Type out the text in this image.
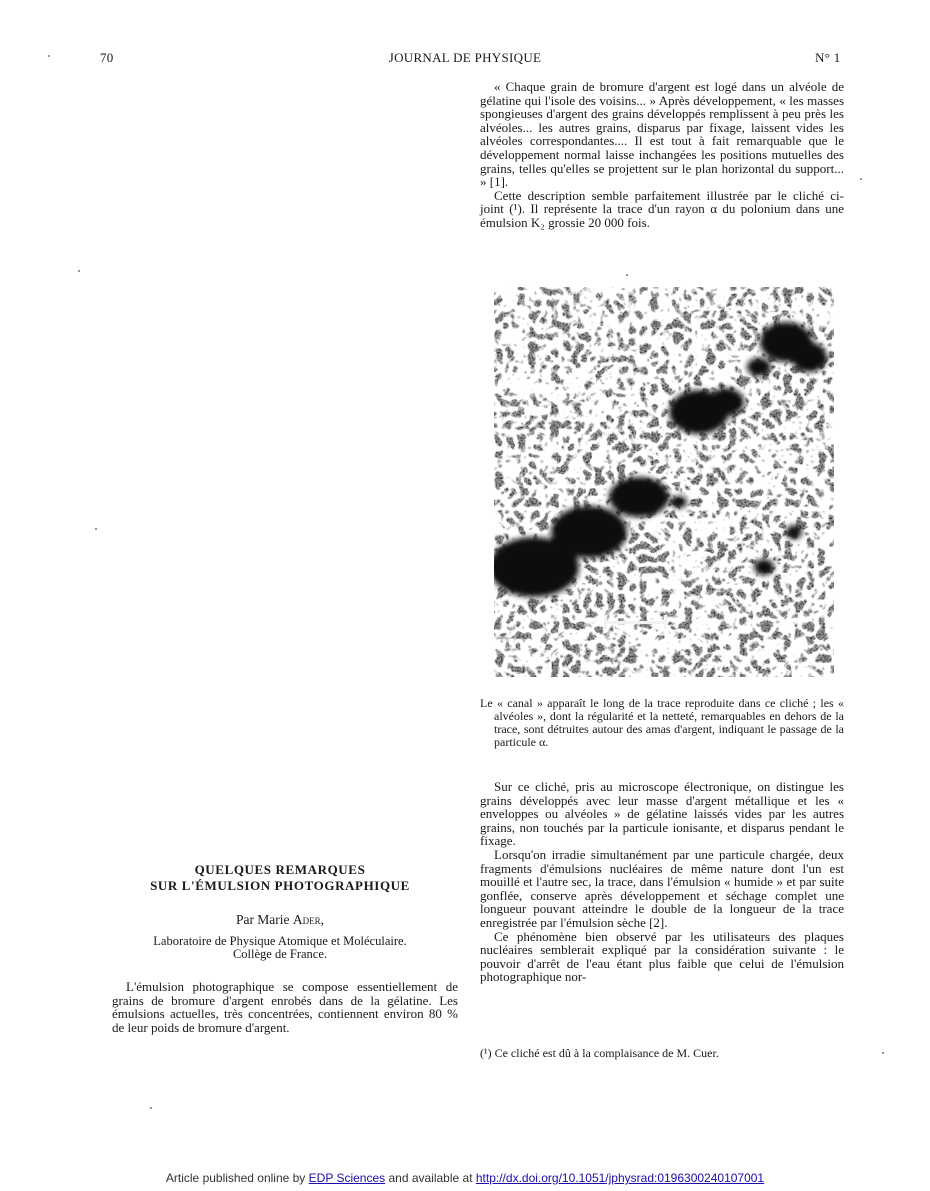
70	JOURNAL DE PHYSIQUE	N° 1

« Chaque grain de bromure d'argent est logé dans un alvéole de gélatine qui l'isole des voisins... » Après développement, « les masses spongieuses d'argent des grains développés remplissent à peu près les alvéoles... les autres grains, disparus par fixage, laissent vides les alvéoles correspondantes.... Il est tout à fait remarquable que le développement normal laisse inchangées les positions mutuelles des grains, telles qu'elles se projettent sur le plan horizontal du support... » [1].

Cette description semble parfaitement illustrée par le cliché ci-joint (¹). Il représente la trace d'un rayon α du polonium dans une émulsion K₂ grossie 20 000 fois.

Le « canal » apparaît le long de la trace reproduite dans ce cliché ; les « alvéoles », dont la régularité et la netteté, remarquables en dehors de la trace, sont détruites autour des amas d'argent, indiquant le passage de la particule α.

Sur ce cliché, pris au microscope électronique, on distingue les grains développés avec leur masse d'argent métallique et les « enveloppes ou alvéoles » de gélatine laissés vides par les autres grains, non touchés par la particule ionisante, et disparus pendant le fixage.

Lorsqu'on irradie simultanément par une particule chargée, deux fragments d'émulsions nucléaires de même nature dont l'un est mouillé et l'autre sec, la trace, dans l'émulsion « humide » et par suite gonflée, conserve après développement et séchage complet une longueur pouvant atteindre le double de la longueur de la trace enregistrée par l'émulsion sèche [2].

Ce phénomène bien observé par les utilisateurs des plaques nucléaires semblerait expliqué par la considération suivante : le pouvoir d'arrêt de l'eau étant plus faible que celui de l'émulsion photographique nor-

(¹) Ce cliché est dû à la complaisance de M. Cuer.
QUELQUES REMARQUES
SUR L'ÉMULSION PHOTOGRAPHIQUE
Par Marie Ader,
Laboratoire de Physique Atomique et Moléculaire.
Collège de France.

L'émulsion photographique se compose essentiellement de grains de bromure d'argent enrobés dans de la gélatine. Les émulsions actuelles, très concentrées, contiennent environ 80 % de leur poids de bromure d'argent.

Article published online by EDP Sciences and available at http://dx.doi.org/10.1051/jphysrad:0196300240107001
